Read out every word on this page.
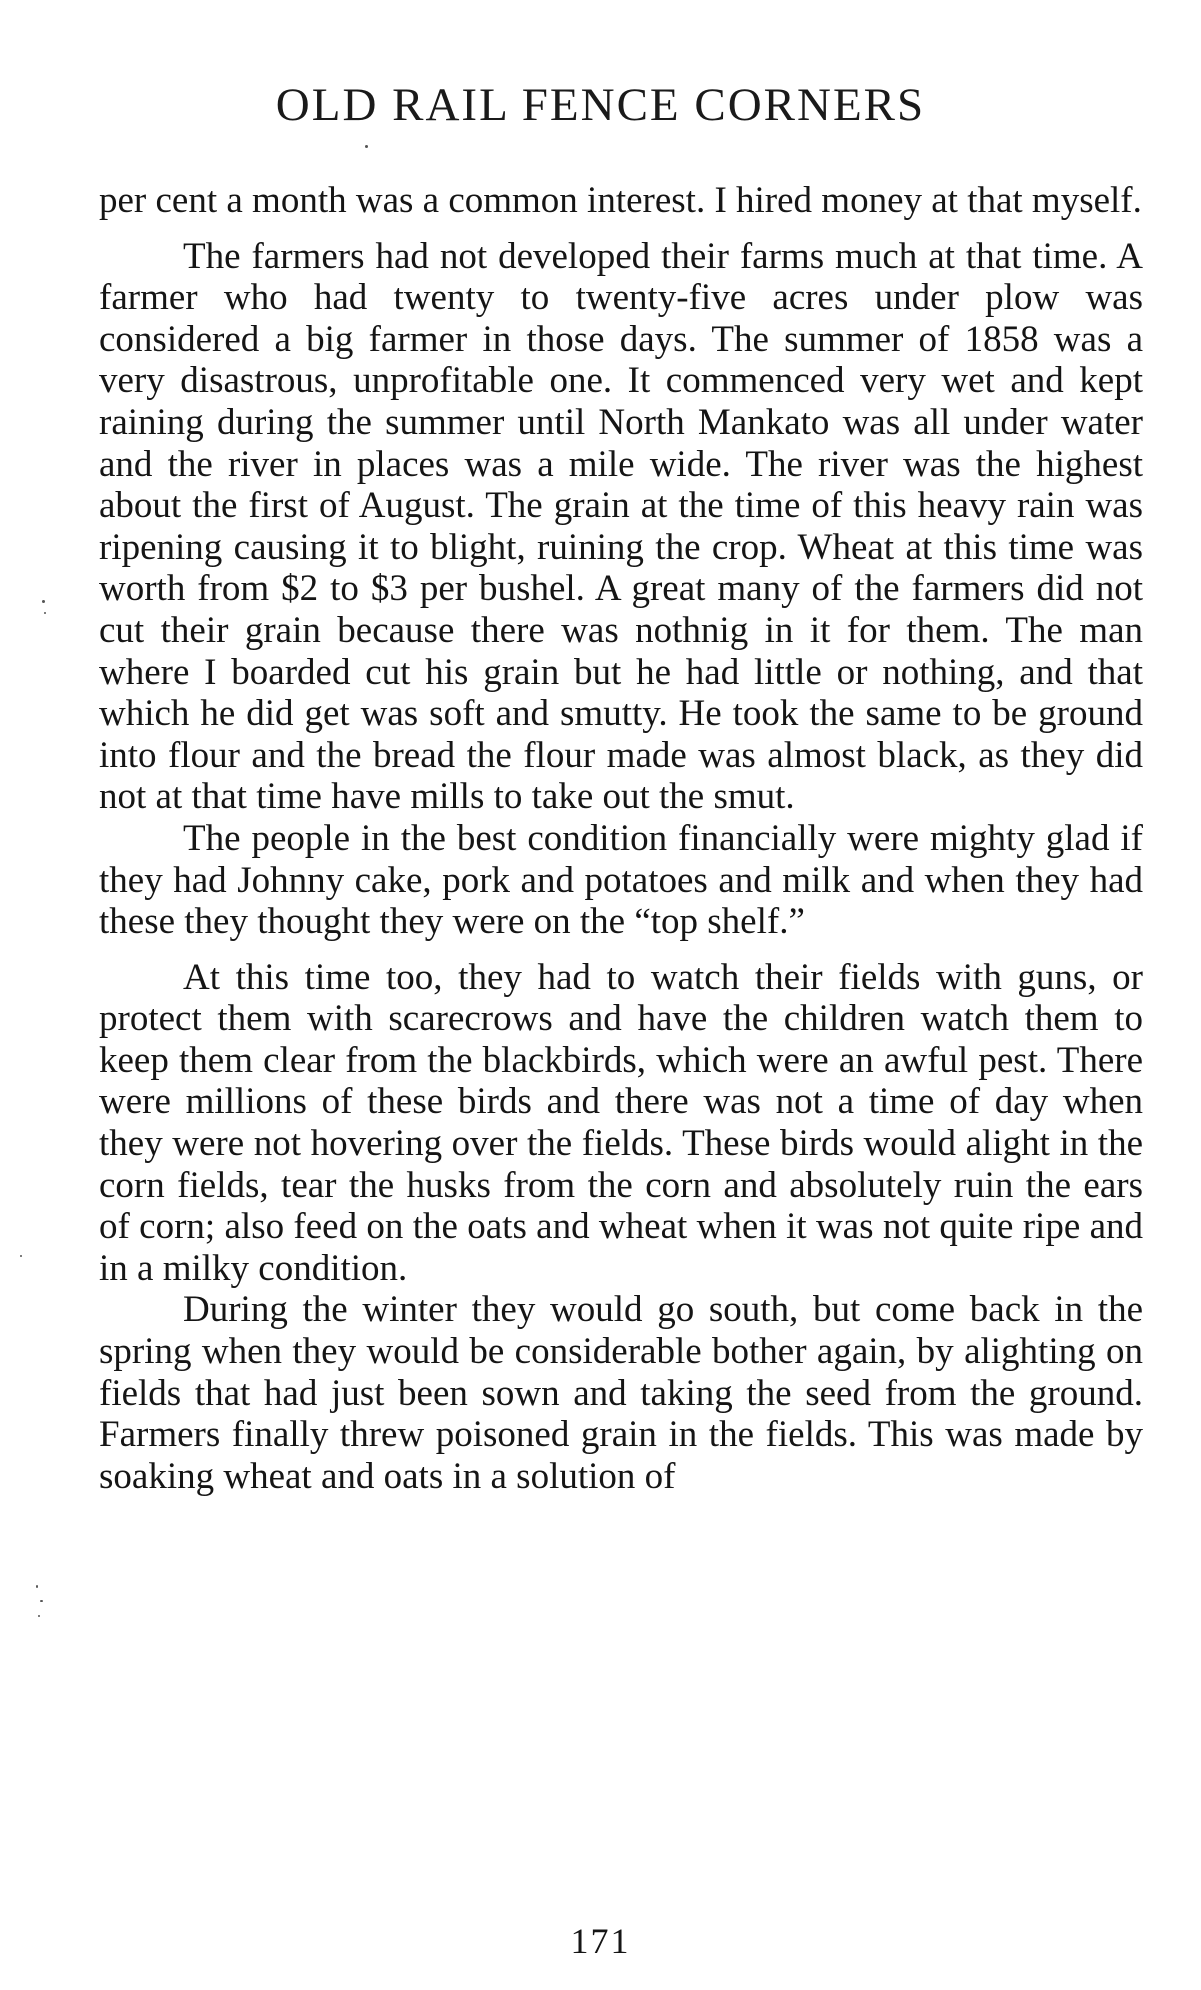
OLD RAIL FENCE CORNERS

per cent a month was a common interest. I hired money at that myself.

The farmers had not developed their farms much at that time. A farmer who had twenty to twenty-five acres under plow was considered a big farmer in those days. The summer of 1858 was a very disastrous, unprofitable one. It commenced very wet and kept raining during the summer until North Mankato was all under water and the river in places was a mile wide. The river was the highest about the first of August. The grain at the time of this heavy rain was ripening causing it to blight, ruining the crop. Wheat at this time was worth from $2 to $3 per bushel. A great many of the farmers did not cut their grain because there was nothnig in it for them. The man where I boarded cut his grain but he had little or nothing, and that which he did get was soft and smutty. He took the same to be ground into flour and the bread the flour made was almost black, as they did not at that time have mills to take out the smut.

The people in the best condition financially were mighty glad if they had Johnny cake, pork and potatoes and milk and when they had these they thought they were on the “top shelf.”

At this time too, they had to watch their fields with guns, or protect them with scarecrows and have the children watch them to keep them clear from the blackbirds, which were an awful pest. There were millions of these birds and there was not a time of day when they were not hovering over the fields. These birds would alight in the corn fields, tear the husks from the corn and absolutely ruin the ears of corn; also feed on the oats and wheat when it was not quite ripe and in a milky condition.

During the winter they would go south, but come back in the spring when they would be considerable bother again, by alighting on fields that had just been sown and taking the seed from the ground. Farmers finally threw poisoned grain in the fields. This was made by soaking wheat and oats in a solution of

171
